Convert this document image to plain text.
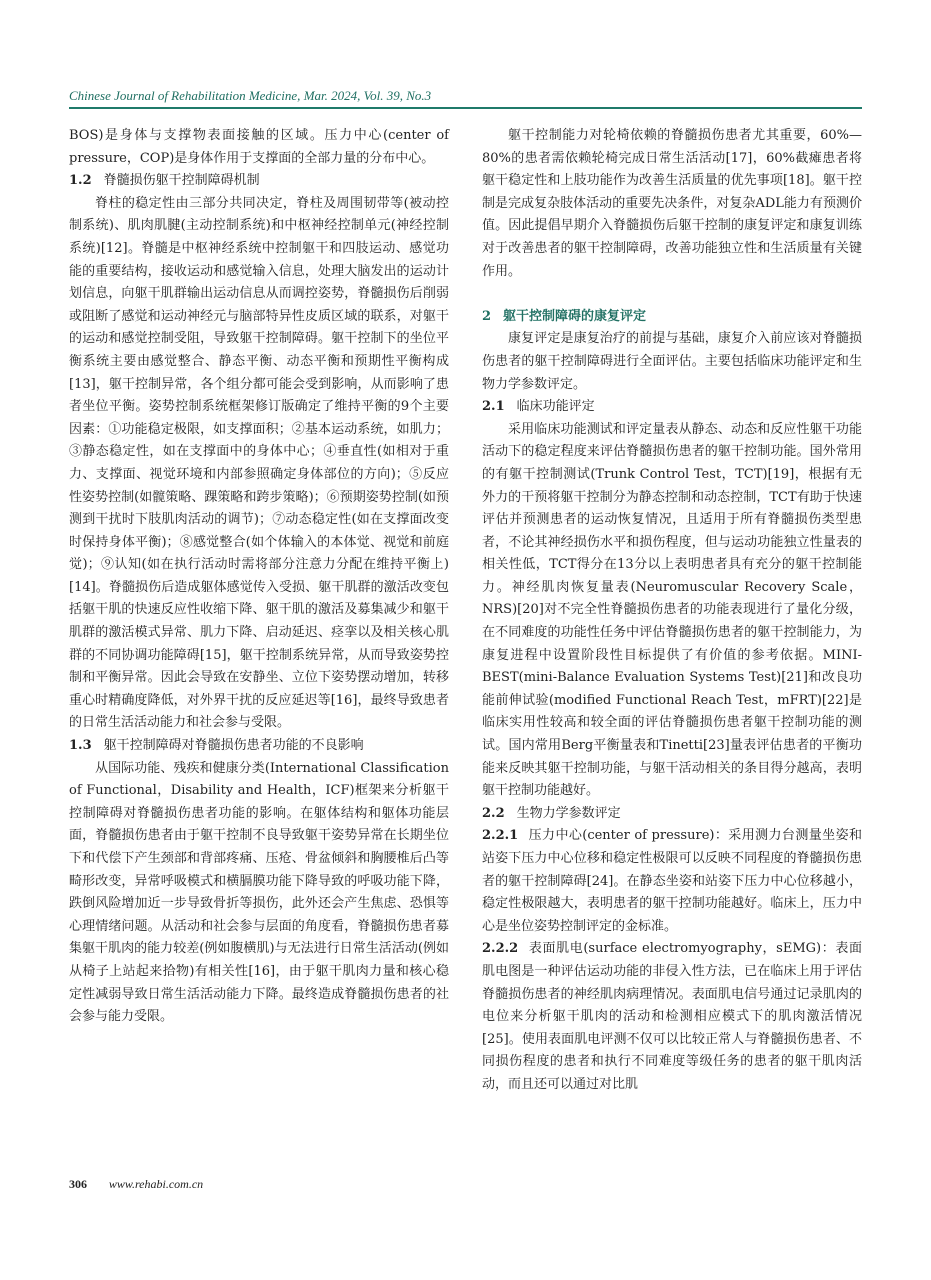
Chinese Journal of Rehabilitation Medicine, Mar. 2024, Vol. 39, No.3

BOS)是身体与支撑物表面接触的区域。压力中心(center of pressure，COP)是身体作用于支撑面的全部力量的分布中心。

1.2 脊髓损伤躯干控制障碍机制

脊柱的稳定性由三部分共同决定，脊柱及周围韧带等(被动控制系统)、肌肉肌腱(主动控制系统)和中枢神经控制单元(神经控制系统)[12]。脊髓是中枢神经系统中控制躯干和四肢运动、感觉功能的重要结构，接收运动和感觉输入信息，处理大脑发出的运动计划信息，向躯干肌群输出运动信息从而调控姿势，脊髓损伤后削弱或阻断了感觉和运动神经元与脑部特异性皮质区域的联系，对躯干的运动和感觉控制受阻，导致躯干控制障碍。躯干控制下的坐位平衡系统主要由感觉整合、静态平衡、动态平衡和预期性平衡构成[13]，躯干控制异常，各个组分都可能会受到影响，从而影响了患者坐位平衡。姿势控制系统框架修订版确定了维持平衡的9个主要因素：①功能稳定极限，如支撑面积；②基本运动系统，如肌力；③静态稳定性，如在支撑面中的身体中心；④垂直性(如相对于重力、支撑面、视觉环境和内部参照确定身体部位的方向)；⑤反应性姿势控制(如髋策略、踝策略和跨步策略)；⑥预期姿势控制(如预测到干扰时下肢肌肉活动的调节)；⑦动态稳定性(如在支撑面改变时保持身体平衡)；⑧感觉整合(如个体输入的本体觉、视觉和前庭觉)；⑨认知(如在执行活动时需将部分注意力分配在维持平衡上)[14]。脊髓损伤后造成躯体感觉传入受损、躯干肌群的激活改变包括躯干肌的快速反应性收缩下降、躯干肌的激活及募集减少和躯干肌群的激活模式异常、肌力下降、启动延迟、痉挛以及相关核心肌群的不同协调功能障碍[15]，躯干控制系统异常，从而导致姿势控制和平衡异常。因此会导致在安静坐、立位下姿势摆动增加，转移重心时精确度降低，对外界干扰的反应延迟等[16]，最终导致患者的日常生活活动能力和社会参与受限。

1.3 躯干控制障碍对脊髓损伤患者功能的不良影响

从国际功能、残疾和健康分类(International Classification of Functional，Disability and Health，ICF)框架来分析躯干控制障碍对脊髓损伤患者功能的影响。在躯体结构和躯体功能层面，脊髓损伤患者由于躯干控制不良导致躯干姿势异常在长期坐位下和代偿下产生颈部和背部疼痛、压疮、骨盆倾斜和胸腰椎后凸等畸形改变，异常呼吸模式和横膈膜功能下降导致的呼吸功能下降，跌倒风险增加近一步导致骨折等损伤，此外还会产生焦虑、恐惧等心理情绪问题。从活动和社会参与层面的角度看，脊髓损伤患者募集躯干肌肉的能力较差(例如腹横肌)与无法进行日常生活活动(例如从椅子上站起来拾物)有相关性[16]，由于躯干肌肉力量和核心稳定性减弱导致日常生活活动能力下降。最终造成脊髓损伤患者的社会参与能力受限。

躯干控制能力对轮椅依赖的脊髓损伤患者尤其重要，60%—80%的患者需依赖轮椅完成日常生活活动[17]，60%截瘫患者将躯干稳定性和上肢功能作为改善生活质量的优先事项[18]。躯干控制是完成复杂肢体活动的重要先决条件，对复杂ADL能力有预测价值。因此提倡早期介入脊髓损伤后躯干控制的康复评定和康复训练对于改善患者的躯干控制障碍，改善功能独立性和生活质量有关键作用。

2 躯干控制障碍的康复评定

康复评定是康复治疗的前提与基础，康复介入前应该对脊髓损伤患者的躯干控制障碍进行全面评估。主要包括临床功能评定和生物力学参数评定。

2.1 临床功能评定

采用临床功能测试和评定量表从静态、动态和反应性躯干功能活动下的稳定程度来评估脊髓损伤患者的躯干控制功能。国外常用的有躯干控制测试(Trunk Control Test，TCT)[19]，根据有无外力的干预将躯干控制分为静态控制和动态控制，TCT有助于快速评估并预测患者的运动恢复情况，且适用于所有脊髓损伤类型患者，不论其神经损伤水平和损伤程度，但与运动功能独立性量表的相关性低，TCT得分在13分以上表明患者具有充分的躯干控制能力。神经肌肉恢复量表(Neuromuscular Recovery Scale，NRS)[20]对不完全性脊髓损伤患者的功能表现进行了量化分级，在不同难度的功能性任务中评估脊髓损伤患者的躯干控制能力，为康复进程中设置阶段性目标提供了有价值的参考依据。MINI-BEST(mini-Balance Evaluation Systems Test)[21]和改良功能前伸试验(modified Functional Reach Test，mFRT)[22]是临床实用性较高和较全面的评估脊髓损伤患者躯干控制功能的测试。国内常用Berg平衡量表和Tinetti[23]量表评估患者的平衡功能来反映其躯干控制功能，与躯干活动相关的条目得分越高，表明躯干控制功能越好。

2.2 生物力学参数评定

2.2.1 压力中心(center of pressure)：采用测力台测量坐姿和站姿下压力中心位移和稳定性极限可以反映不同程度的脊髓损伤患者的躯干控制障碍[24]。在静态坐姿和站姿下压力中心位移越小，稳定性极限越大，表明患者的躯干控制功能越好。临床上，压力中心是坐位姿势控制评定的金标准。

2.2.2 表面肌电(surface electromyography，sEMG)：表面肌电图是一种评估运动功能的非侵入性方法，已在临床上用于评估脊髓损伤患者的神经肌肉病理情况。表面肌电信号通过记录肌肉的电位来分析躯干肌肉的活动和检测相应模式下的肌肉激活情况[25]。使用表面肌电评测不仅可以比较正常人与脊髓损伤患者、不同损伤程度的患者和执行不同难度等级任务的患者的躯干肌肉活动，而且还可以通过对比肌

306 www.rehabi.com.cn
